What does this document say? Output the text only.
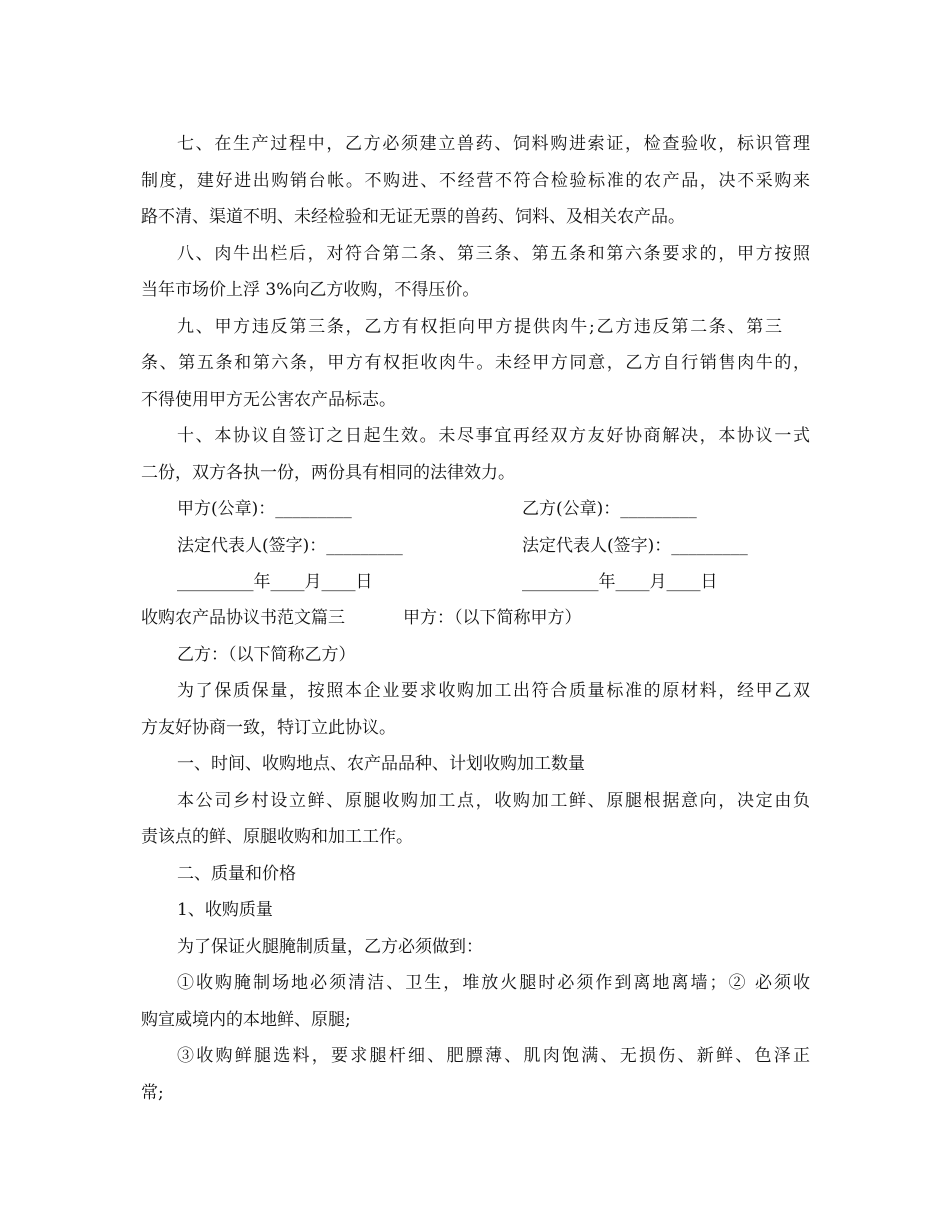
七、在生产过程中，乙方必须建立兽药、饲料购进索证，检查验收，标识管理
制度，建好进出购销台帐。不购进、不经营不符合检验标准的农产品，决不采购来
路不清、渠道不明、未经检验和无证无票的兽药、饲料、及相关农产品。
八、肉牛出栏后，对符合第二条、第三条、第五条和第六条要求的，甲方按照
当年市场价上浮 3%向乙方收购，不得压价。
九、甲方违反第三条，乙方有权拒向甲方提供肉牛;乙方违反第二条、第三
条、第五条和第六条，甲方有权拒收肉牛。未经甲方同意，乙方自行销售肉牛的，
不得使用甲方无公害农产品标志。
十、本协议自签订之日起生效。未尽事宜再经双方友好协商解决，本协议一式
二份，双方各执一份，两份具有相同的法律效力。
甲方(公章)：_________	乙方(公章)：_________
法定代表人(签字)：_________	法定代表人(签字)：_________
_________年____月____日	_________年____月____日
收购农产品协议书范文篇三	甲方：（以下简称甲方）
乙方：（以下简称乙方）
为了保质保量，按照本企业要求收购加工出符合质量标准的原材料，经甲乙双
方友好协商一致，特订立此协议。
一、时间、收购地点、农产品品种、计划收购加工数量
本公司乡村设立鲜、原腿收购加工点，收购加工鲜、原腿根据意向，决定由负
责该点的鲜、原腿收购和加工工作。
二、质量和价格
1、收购质量
为了保证火腿腌制质量，乙方必须做到：
①收购腌制场地必须清洁、卫生，堆放火腿时必须作到离地离墙；② 必须收
购宣威境内的本地鲜、原腿;
③收购鲜腿选料，要求腿杆细、肥膘薄、肌肉饱满、无损伤、新鲜、色泽正
常;
